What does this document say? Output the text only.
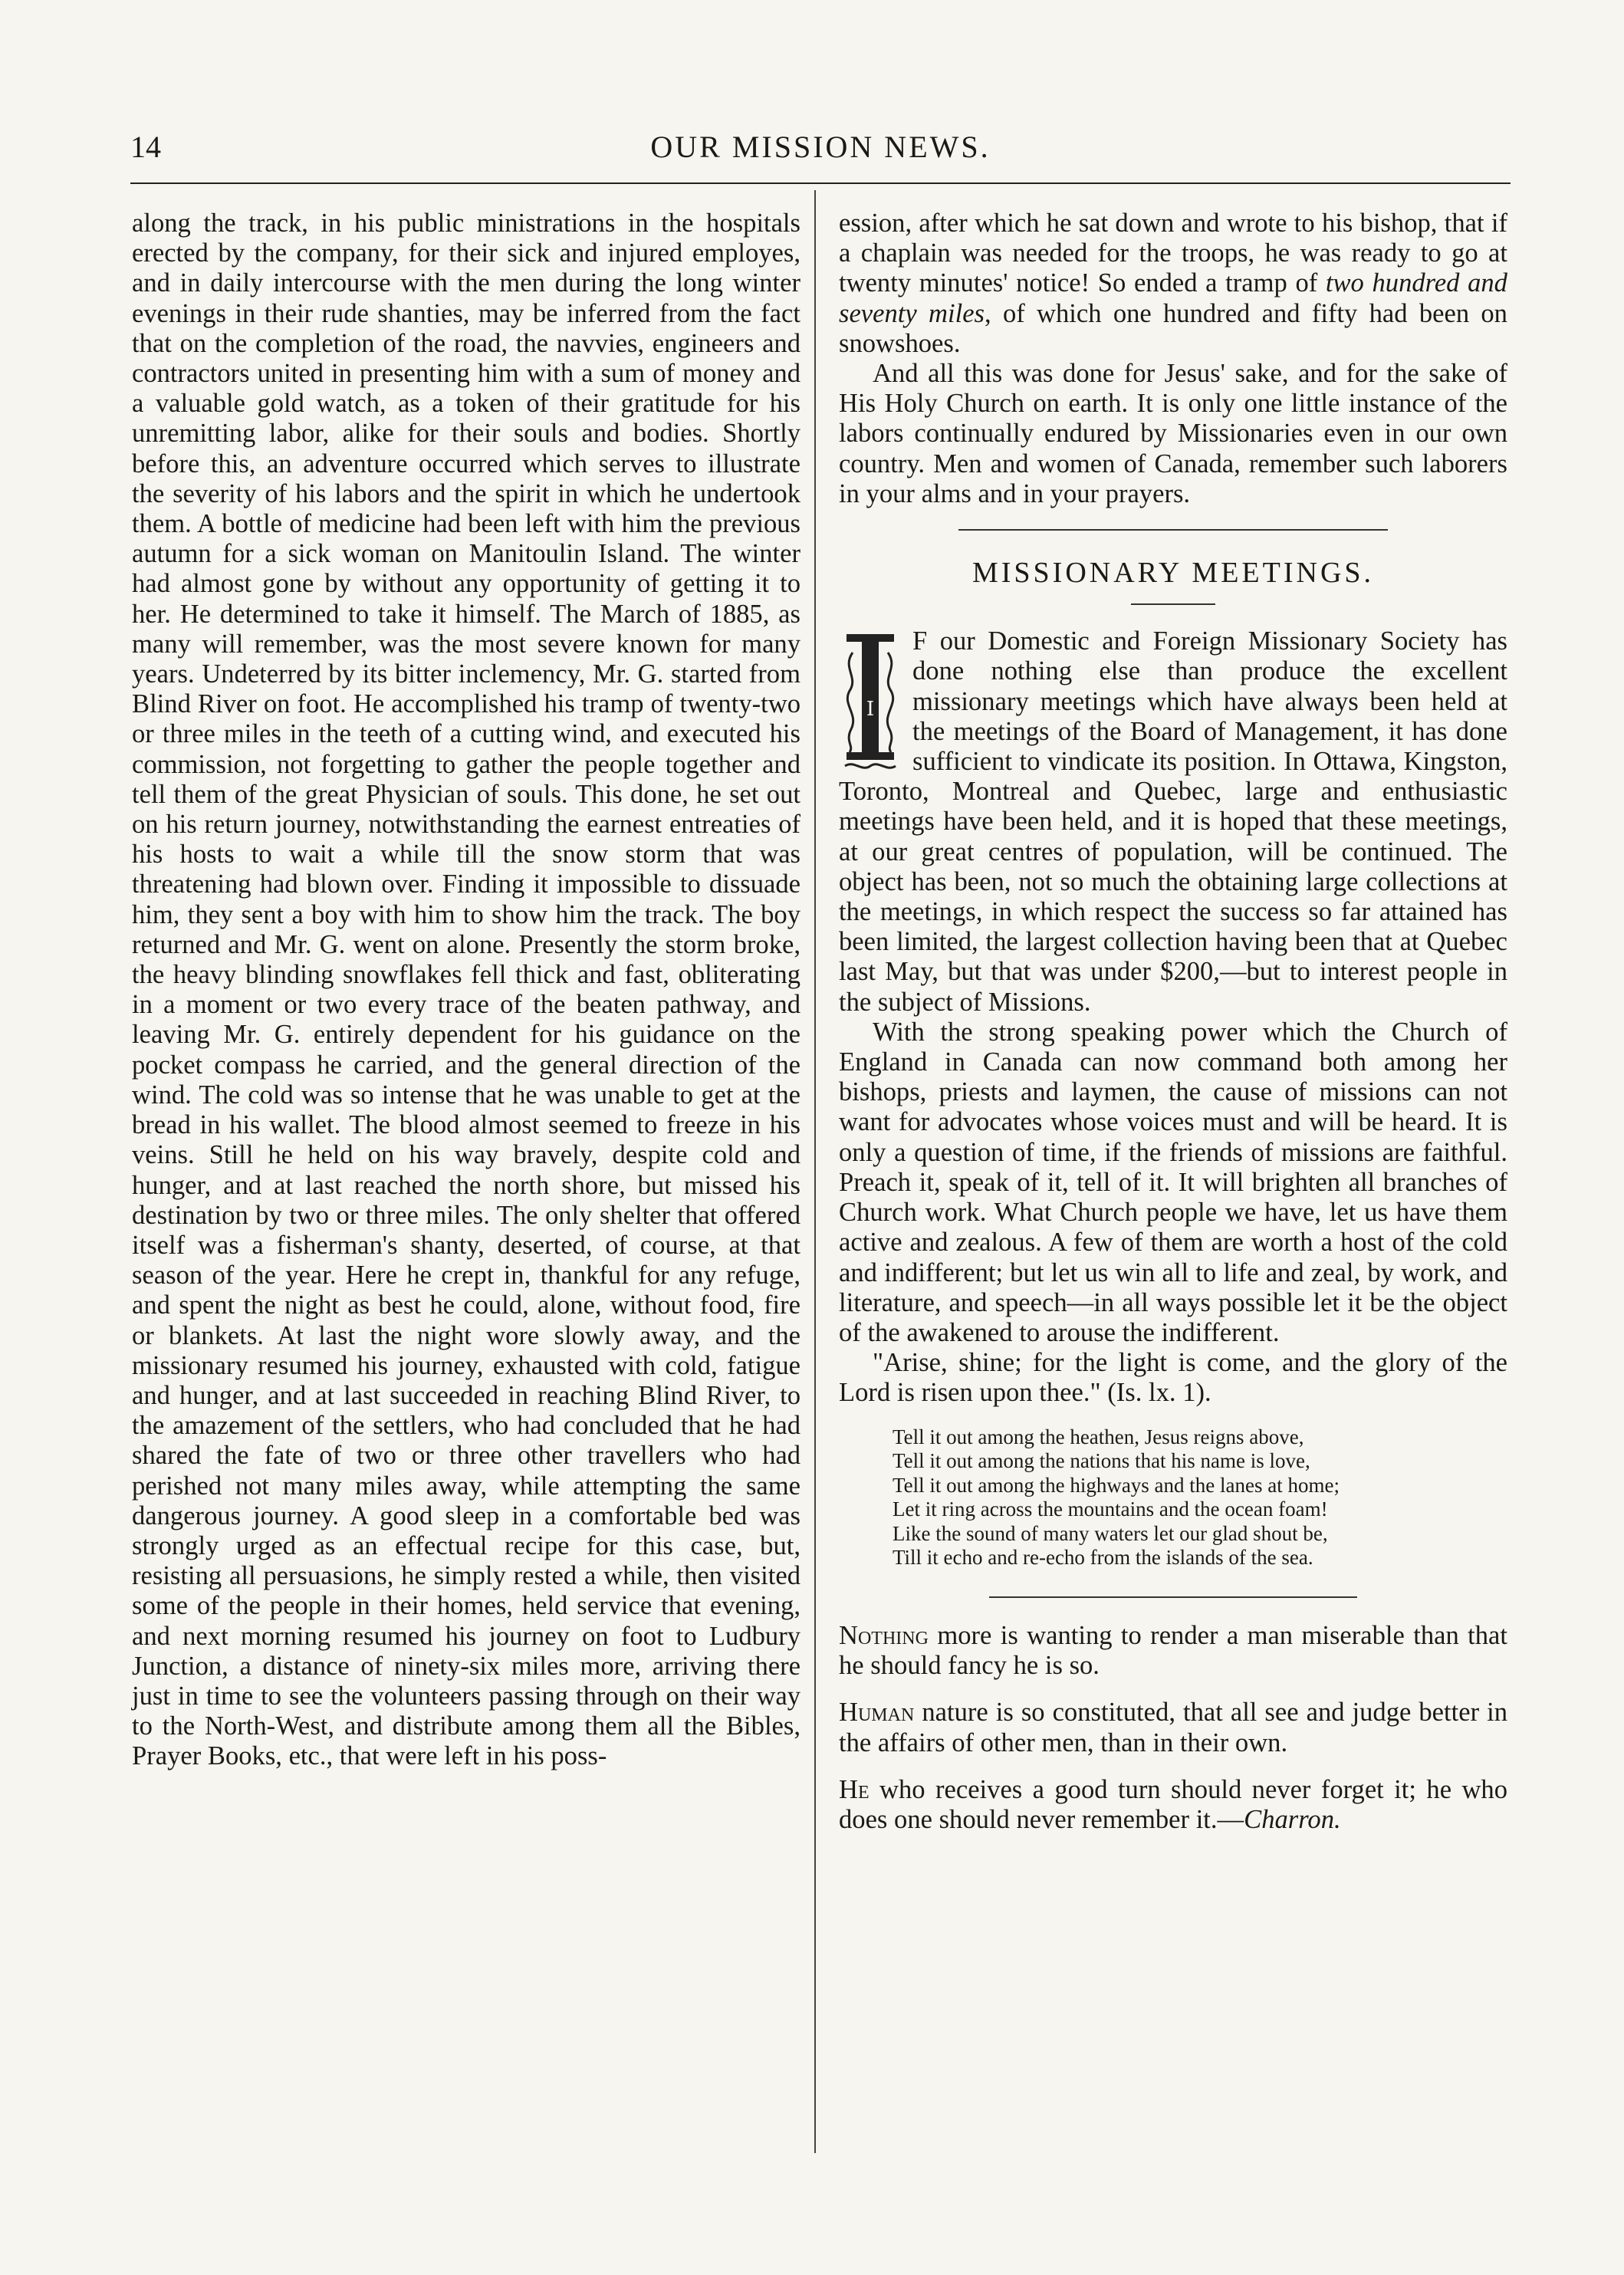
14	OUR MISSION NEWS.

along the track, in his public ministrations in the hospitals erected by the company, for their sick and injured employes, and in daily intercourse with the men during the long winter evenings in their rude shanties, may be inferred from the fact that on the completion of the road, the navvies, engineers and contractors united in presenting him with a sum of money and a valuable gold watch, as a token of their gratitude for his unremitting labor, alike for their souls and bodies. Shortly before this, an adventure occurred which serves to illustrate the severity of his labors and the spirit in which he undertook them. A bottle of medicine had been left with him the previous autumn for a sick woman on Manitoulin Island. The winter had almost gone by without any opportunity of getting it to her. He determined to take it himself. The March of 1885, as many will remember, was the most severe known for many years. Undeterred by its bitter inclemency, Mr. G. started from Blind River on foot. He accomplished his tramp of twenty-two or three miles in the teeth of a cutting wind, and executed his commission, not forgetting to gather the people together and tell them of the great Physician of souls. This done, he set out on his return journey, notwithstanding the earnest entreaties of his hosts to wait a while till the snow storm that was threatening had blown over. Finding it impossible to dissuade him, they sent a boy with him to show him the track. The boy returned and Mr. G. went on alone. Presently the storm broke, the heavy blinding snowflakes fell thick and fast, obliterating in a moment or two every trace of the beaten pathway, and leaving Mr. G. entirely dependent for his guidance on the pocket compass he carried, and the general direction of the wind. The cold was so intense that he was unable to get at the bread in his wallet. The blood almost seemed to freeze in his veins. Still he held on his way bravely, despite cold and hunger, and at last reached the north shore, but missed his destination by two or three miles. The only shelter that offered itself was a fisherman's shanty, deserted, of course, at that season of the year. Here he crept in, thankful for any refuge, and spent the night as best he could, alone, without food, fire or blankets. At last the night wore slowly away, and the missionary resumed his journey, exhausted with cold, fatigue and hunger, and at last succeeded in reaching Blind River, to the amazement of the settlers, who had concluded that he had shared the fate of two or three other travellers who had perished not many miles away, while attempting the same dangerous journey. A good sleep in a comfortable bed was strongly urged as an effectual recipe for this case, but, resisting all persuasions, he simply rested a while, then visited some of the people in their homes, held service that evening, and next morning resumed his journey on foot to Ludbury Junction, a distance of ninety-six miles more, arriving there just in time to see the volunteers passing through on their way to the North-West, and distribute among them all the Bibles, Prayer Books, etc., that were left in his poss-

ession, after which he sat down and wrote to his bishop, that if a chaplain was needed for the troops, he was ready to go at twenty minutes' notice! So ended a tramp of two hundred and seventy miles, of which one hundred and fifty had been on snowshoes.

And all this was done for Jesus' sake, and for the sake of His Holy Church on earth. It is only one little instance of the labors continually endured by Missionaries even in our own country. Men and women of Canada, remember such laborers in your alms and in your prayers.

MISSIONARY MEETINGS.
I

F our Domestic and Foreign Missionary Society has done nothing else than produce the excellent missionary meetings which have always been held at the meetings of the Board of Management, it has done sufficient to vindicate its position. In Ottawa, Kingston, Toronto, Montreal and Quebec, large and enthusiastic meetings have been held, and it is hoped that these meetings, at our great centres of population, will be continued. The object has been, not so much the obtaining large collections at the meetings, in which respect the success so far attained has been limited, the largest collection having been that at Quebec last May, but that was under $200,—but to interest people in the subject of Missions.

With the strong speaking power which the Church of England in Canada can now command both among her bishops, priests and laymen, the cause of missions can not want for advocates whose voices must and will be heard. It is only a question of time, if the friends of missions are faithful. Preach it, speak of it, tell of it. It will brighten all branches of Church work. What Church people we have, let us have them active and zealous. A few of them are worth a host of the cold and indifferent; but let us win all to life and zeal, by work, and literature, and speech—in all ways possible let it be the object of the awakened to arouse the indifferent.

"Arise, shine; for the light is come, and the glory of the Lord is risen upon thee." (Is. lx. 1).

Tell it out among the heathen, Jesus reigns above,
Tell it out among the nations that his name is love,
Tell it out among the highways and the lanes at home;
Let it ring across the mountains and the ocean foam!
Like the sound of many waters let our glad shout be,
Till it echo and re-echo from the islands of the sea.

Nothing more is wanting to render a man miserable than that he should fancy he is so.

Human nature is so constituted, that all see and judge better in the affairs of other men, than in their own.

He who receives a good turn should never forget it; he who does one should never remember it.—Charron.
